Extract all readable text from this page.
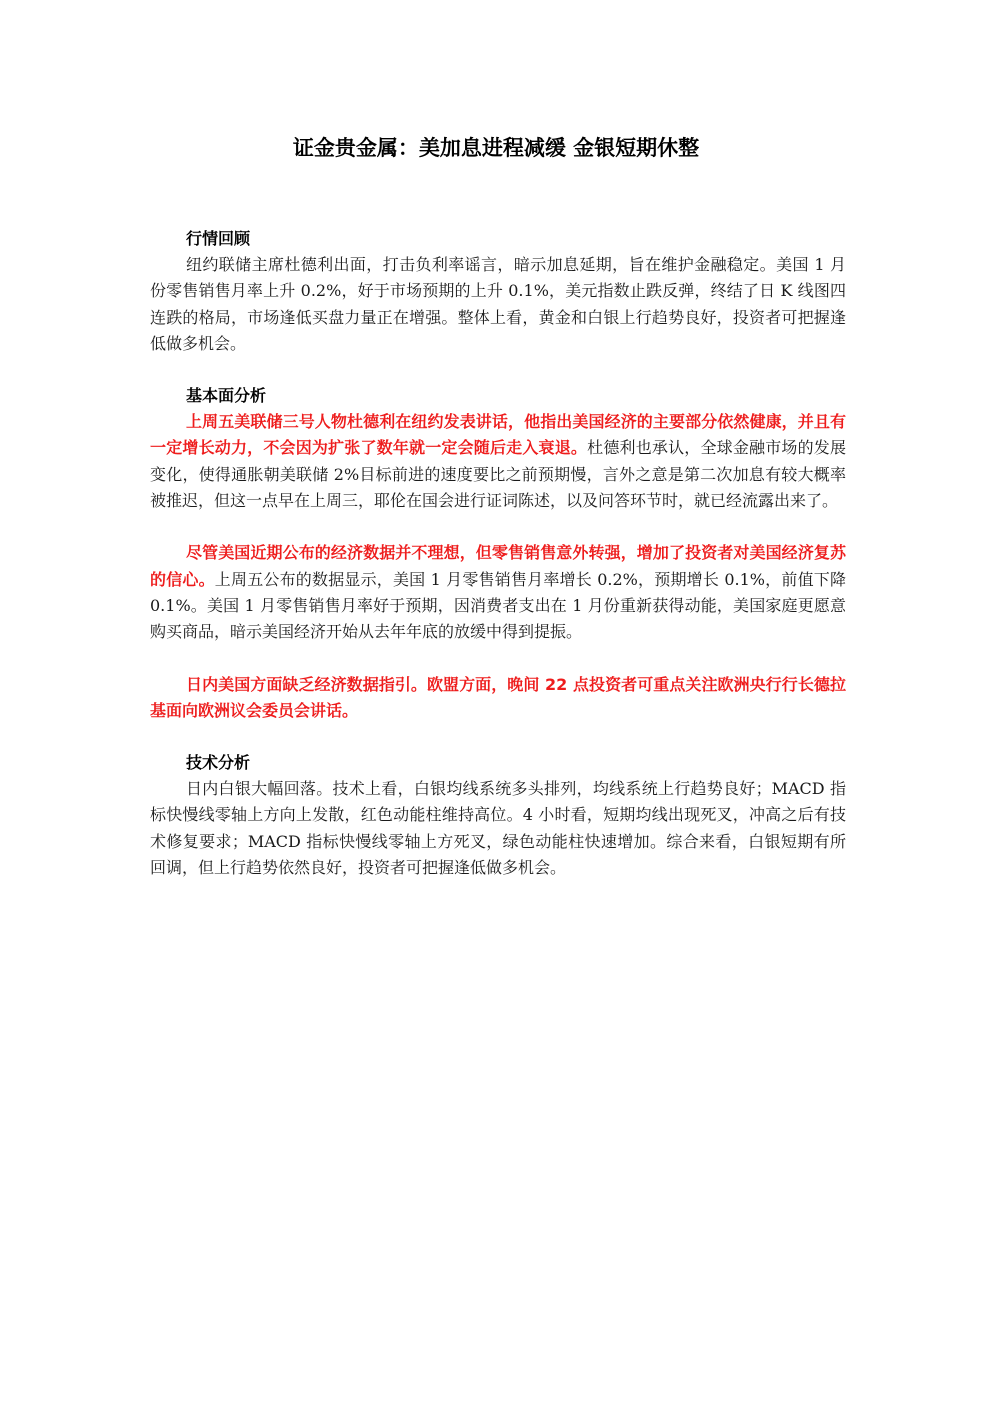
证金贵金属：美加息进程减缓 金银短期休整
行情回顾

纽约联储主席杜德利出面，打击负利率谣言，暗示加息延期，旨在维护金融稳定。美国 1 月份零售销售月率上升 0.2%，好于市场预期的上升 0.1%，美元指数止跌反弹，终结了日 K 线图四连跌的格局，市场逢低买盘力量正在增强。整体上看，黄金和白银上行趋势良好，投资者可把握逢低做多机会。

基本面分析

上周五美联储三号人物杜德利在纽约发表讲话，他指出美国经济的主要部分依然健康，并且有一定增长动力，不会因为扩张了数年就一定会随后走入衰退。杜德利也承认，全球金融市场的发展变化，使得通胀朝美联储 2%目标前进的速度要比之前预期慢，言外之意是第二次加息有较大概率被推迟，但这一点早在上周三，耶伦在国会进行证词陈述，以及问答环节时，就已经流露出来了。

尽管美国近期公布的经济数据并不理想，但零售销售意外转强，增加了投资者对美国经济复苏的信心。上周五公布的数据显示，美国 1 月零售销售月率增长 0.2%，预期增长 0.1%，前值下降 0.1%。美国 1 月零售销售月率好于预期，因消费者支出在 1 月份重新获得动能，美国家庭更愿意购买商品，暗示美国经济开始从去年年底的放缓中得到提振。

日内美国方面缺乏经济数据指引。欧盟方面，晚间 22 点投资者可重点关注欧洲央行行长德拉基面向欧洲议会委员会讲话。

技术分析

日内白银大幅回落。技术上看，白银均线系统多头排列，均线系统上行趋势良好；MACD 指标快慢线零轴上方向上发散，红色动能柱维持高位。4 小时看，短期均线出现死叉，冲高之后有技术修复要求；MACD 指标快慢线零轴上方死叉，绿色动能柱快速增加。综合来看，白银短期有所回调，但上行趋势依然良好，投资者可把握逢低做多机会。
